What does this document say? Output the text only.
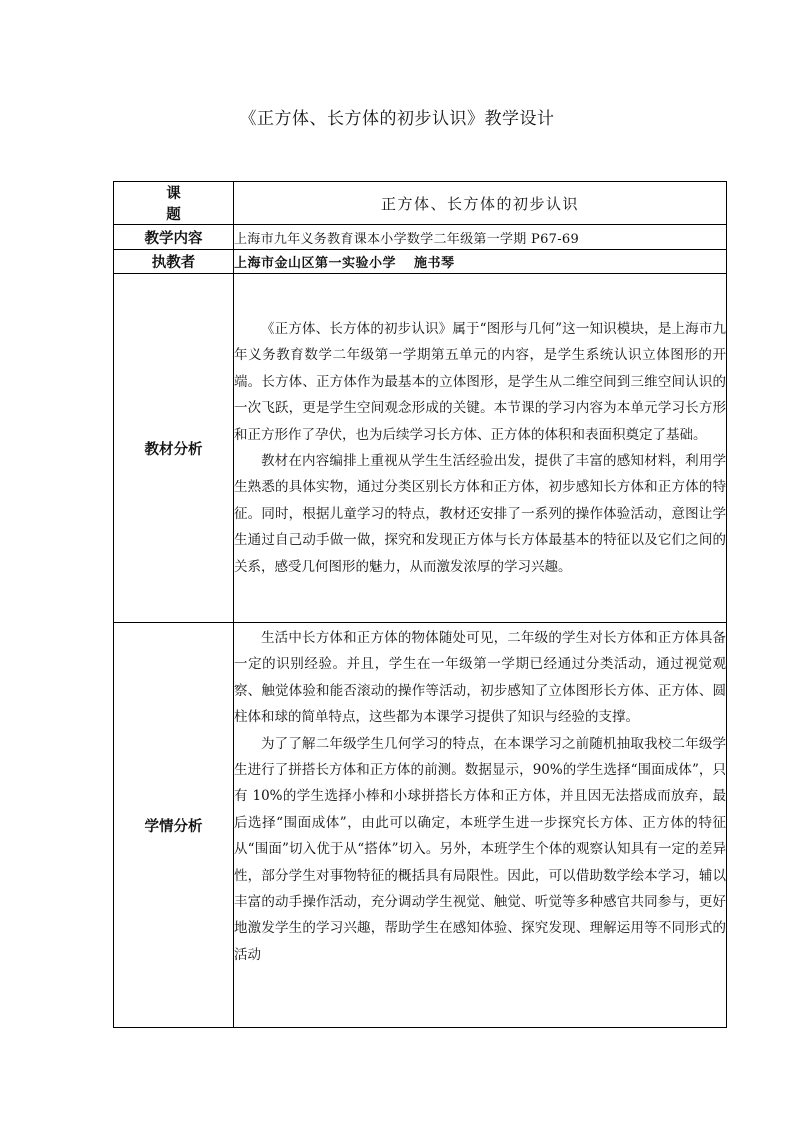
《正方体、长方体的初步认识》教学设计
课 题	正方体、长方体的初步认识
教学内容	上海市九年义务教育课本小学数学二年级第一学期 P67-69
执教者	上海市金山区第一实验小学 施书琴
教材分析	《正方体、长方体的初步认识》属于“图形与几何”这一知识模块，是上海市九年义务教育数学二年级第一学期第五单元的内容，是学生系统认识立体图形的开端。长方体、正方体作为最基本的立体图形，是学生从二维空间到三维空间认识的一次飞跃，更是学生空间观念形成的关键。本节课的学习内容为本单元学习长方形和正方形作了孕伏，也为后续学习长方体、正方体的体积和表面积奠定了基础。

教材在内容编排上重视从学生生活经验出发，提供了丰富的感知材料，利用学生熟悉的具体实物，通过分类区别长方体和正方体，初步感知长方体和正方体的特征。同时，根据儿童学习的特点，教材还安排了一系列的操作体验活动，意图让学生通过自己动手做一做，探究和发现正方体与长方体最基本的特征以及它们之间的关系，感受几何图形的魅力，从而激发浓厚的学习兴趣。

学情分析	生活中长方体和正方体的物体随处可见，二年级的学生对长方体和正方体具备一定的识别经验。并且，学生在一年级第一学期已经通过分类活动，通过视觉观察、触觉体验和能否滚动的操作等活动，初步感知了立体图形长方体、正方体、圆柱体和球的简单特点，这些都为本课学习提供了知识与经验的支撑。

为了了解二年级学生几何学习的特点，在本课学习之前随机抽取我校二年级学生进行了拼搭长方体和正方体的前测。数据显示，90%的学生选择“围面成体”，只有 10%的学生选择小棒和小球拼搭长方体和正方体，并且因无法搭成而放弃，最后选择“围面成体”，由此可以确定，本班学生进一步探究长方体、正方体的特征从“围面”切入优于从“搭体”切入。另外，本班学生个体的观察认知具有一定的差异性，部分学生对事物特征的概括具有局限性。因此，可以借助数学绘本学习，辅以丰富的动手操作活动，充分调动学生视觉、触觉、听觉等多种感官共同参与，更好地激发学生的学习兴趣，帮助学生在感知体验、探究发现、理解运用等不同形式的活动
